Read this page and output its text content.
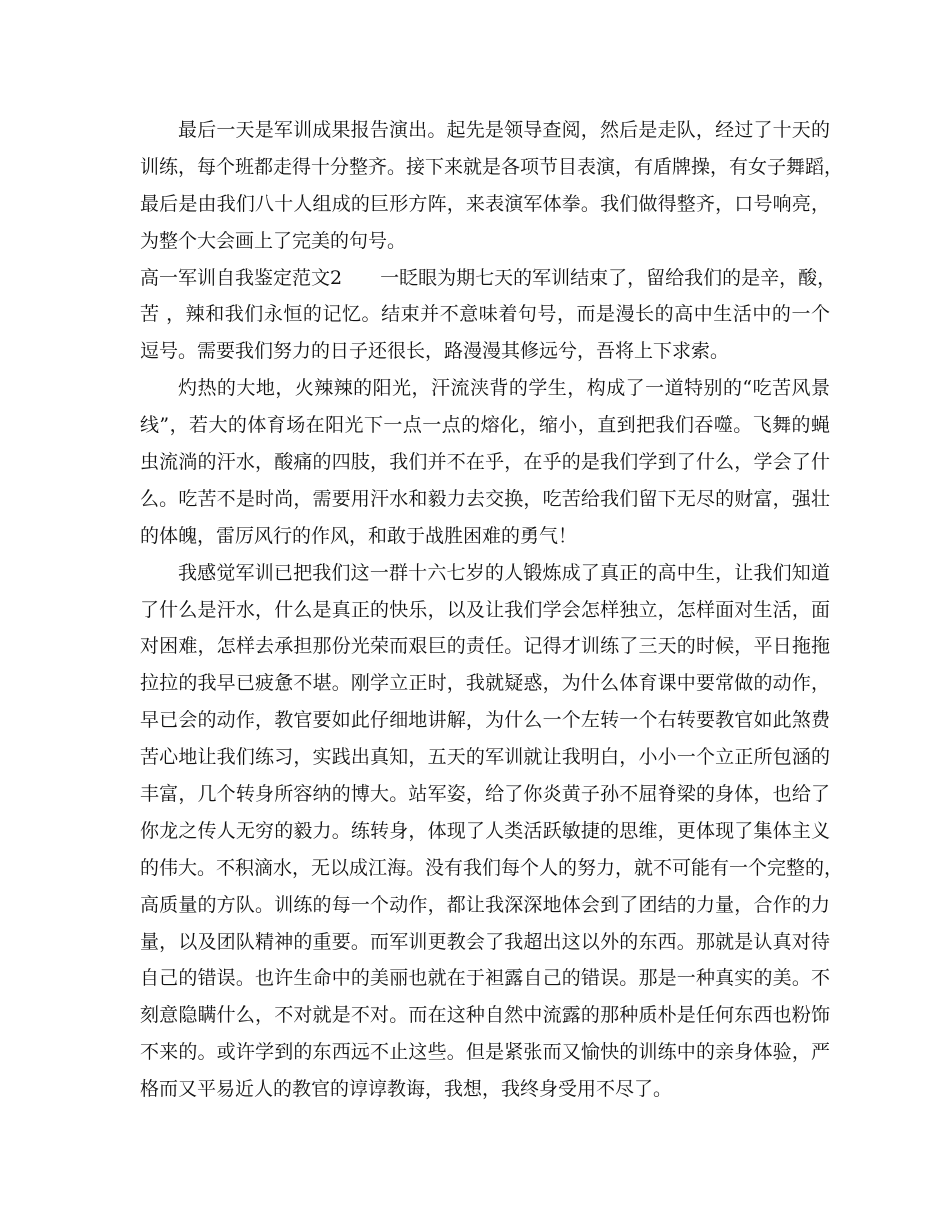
最后一天是军训成果报告演出。起先是领导查阅，然后是走队，经过了十天的
训练，每个班都走得十分整齐。接下来就是各项节目表演，有盾牌操，有女子舞蹈，
最后是由我们八十人组成的巨形方阵，来表演军体拳。我们做得整齐，口号响亮，
为整个大会画上了完美的句号。
高一军训自我鉴定范文2　　一眨眼为期七天的军训结束了，留给我们的是辛，酸，
苦 ，辣和我们永恒的记忆。结束并不意味着句号，而是漫长的高中生活中的一个
逗号。需要我们努力的日子还很长，路漫漫其修远兮，吾将上下求索。
灼热的大地，火辣辣的阳光，汗流浃背的学生，构成了一道特别的“吃苦风景
线”，若大的体育场在阳光下一点一点的熔化，缩小，直到把我们吞噬。飞舞的蝇
虫流淌的汗水，酸痛的四肢，我们并不在乎，在乎的是我们学到了什么，学会了什
么。吃苦不是时尚，需要用汗水和毅力去交换，吃苦给我们留下无尽的财富，强壮
的体魄，雷厉风行的作风，和敢于战胜困难的勇气！
我感觉军训已把我们这一群十六七岁的人锻炼成了真正的高中生，让我们知道
了什么是汗水，什么是真正的快乐，以及让我们学会怎样独立，怎样面对生活，面
对困难，怎样去承担那份光荣而艰巨的责任。记得才训练了三天的时候，平日拖拖
拉拉的我早已疲惫不堪。刚学立正时，我就疑惑，为什么体育课中要常做的动作，
早已会的动作，教官要如此仔细地讲解，为什么一个左转一个右转要教官如此煞费
苦心地让我们练习，实践出真知，五天的军训就让我明白，小小一个立正所包涵的
丰富，几个转身所容纳的博大。站军姿，给了你炎黄子孙不屈脊梁的身体，也给了
你龙之传人无穷的毅力。练转身，体现了人类活跃敏捷的思维，更体现了集体主义
的伟大。不积滴水，无以成江海。没有我们每个人的努力，就不可能有一个完整的，
高质量的方队。训练的每一个动作，都让我深深地体会到了团结的力量，合作的力
量，以及团队精神的重要。而军训更教会了我超出这以外的东西。那就是认真对待
自己的错误。也许生命中的美丽也就在于袒露自己的错误。那是一种真实的美。不
刻意隐瞒什么，不对就是不对。而在这种自然中流露的那种质朴是任何东西也粉饰
不来的。或许学到的东西远不止这些。但是紧张而又愉快的训练中的亲身体验，严
格而又平易近人的教官的谆谆教诲，我想，我终身受用不尽了。
